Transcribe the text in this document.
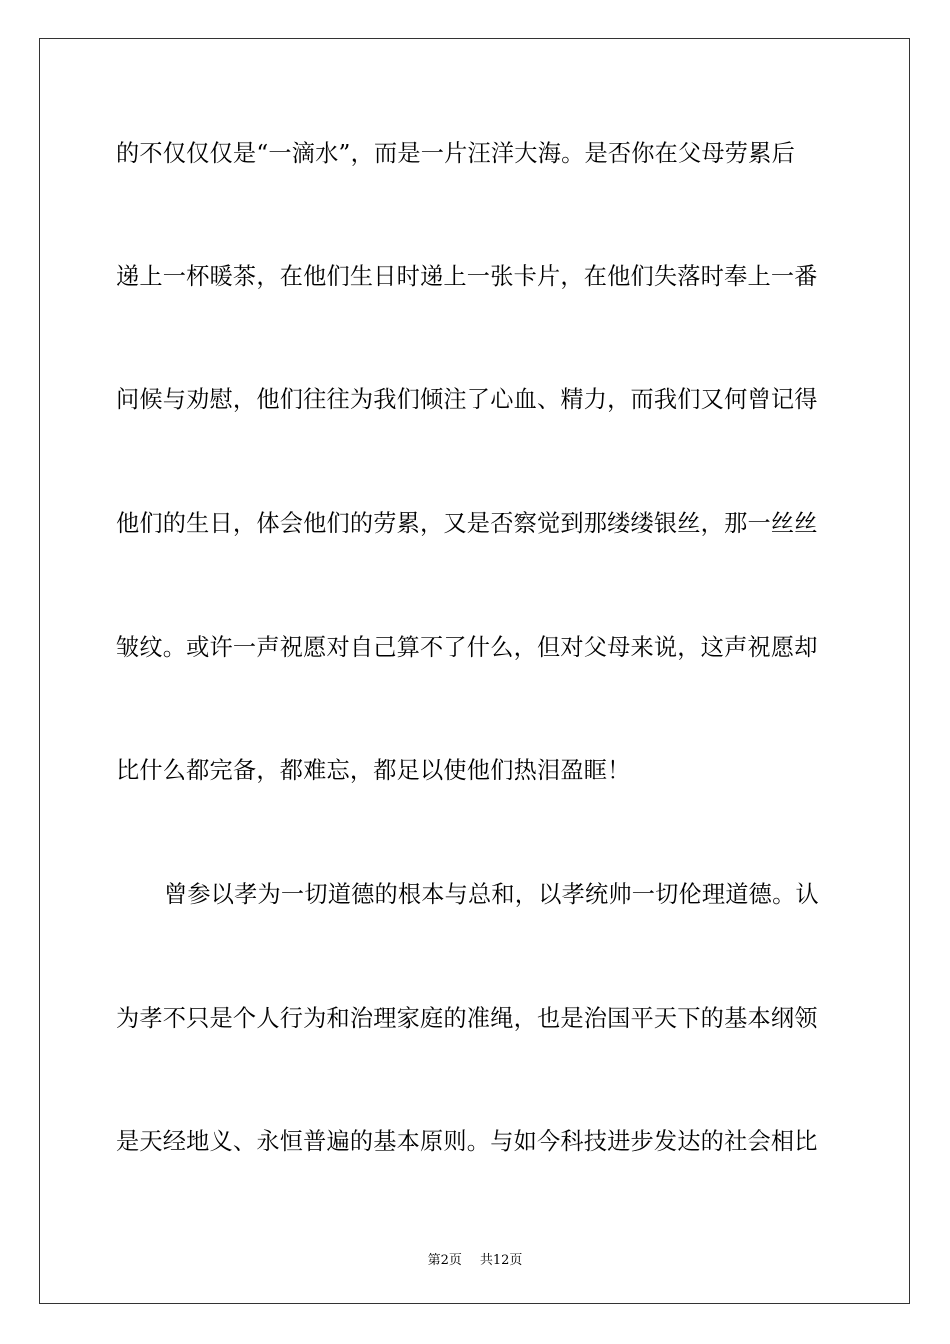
的不仅仅仅是“一滴水”，而是一片汪洋大海。是否你在父母劳累后
递上一杯暖茶，在他们生日时递上一张卡片，在他们失落时奉上一番
问候与劝慰，他们往往为我们倾注了心血、精力，而我们又何曾记得
他们的生日，体会他们的劳累，又是否察觉到那缕缕银丝，那一丝丝
皱纹。或许一声祝愿对自己算不了什么，但对父母来说，这声祝愿却
比什么都完备，都难忘，都足以使他们热泪盈眶！
曾参以孝为一切道德的根本与总和，以孝统帅一切伦理道德。认
为孝不只是个人行为和治理家庭的准绳，也是治国平天下的基本纲领
是天经地义、永恒普遍的基本原则。与如今科技进步发达的社会相比
第2页 共12页
